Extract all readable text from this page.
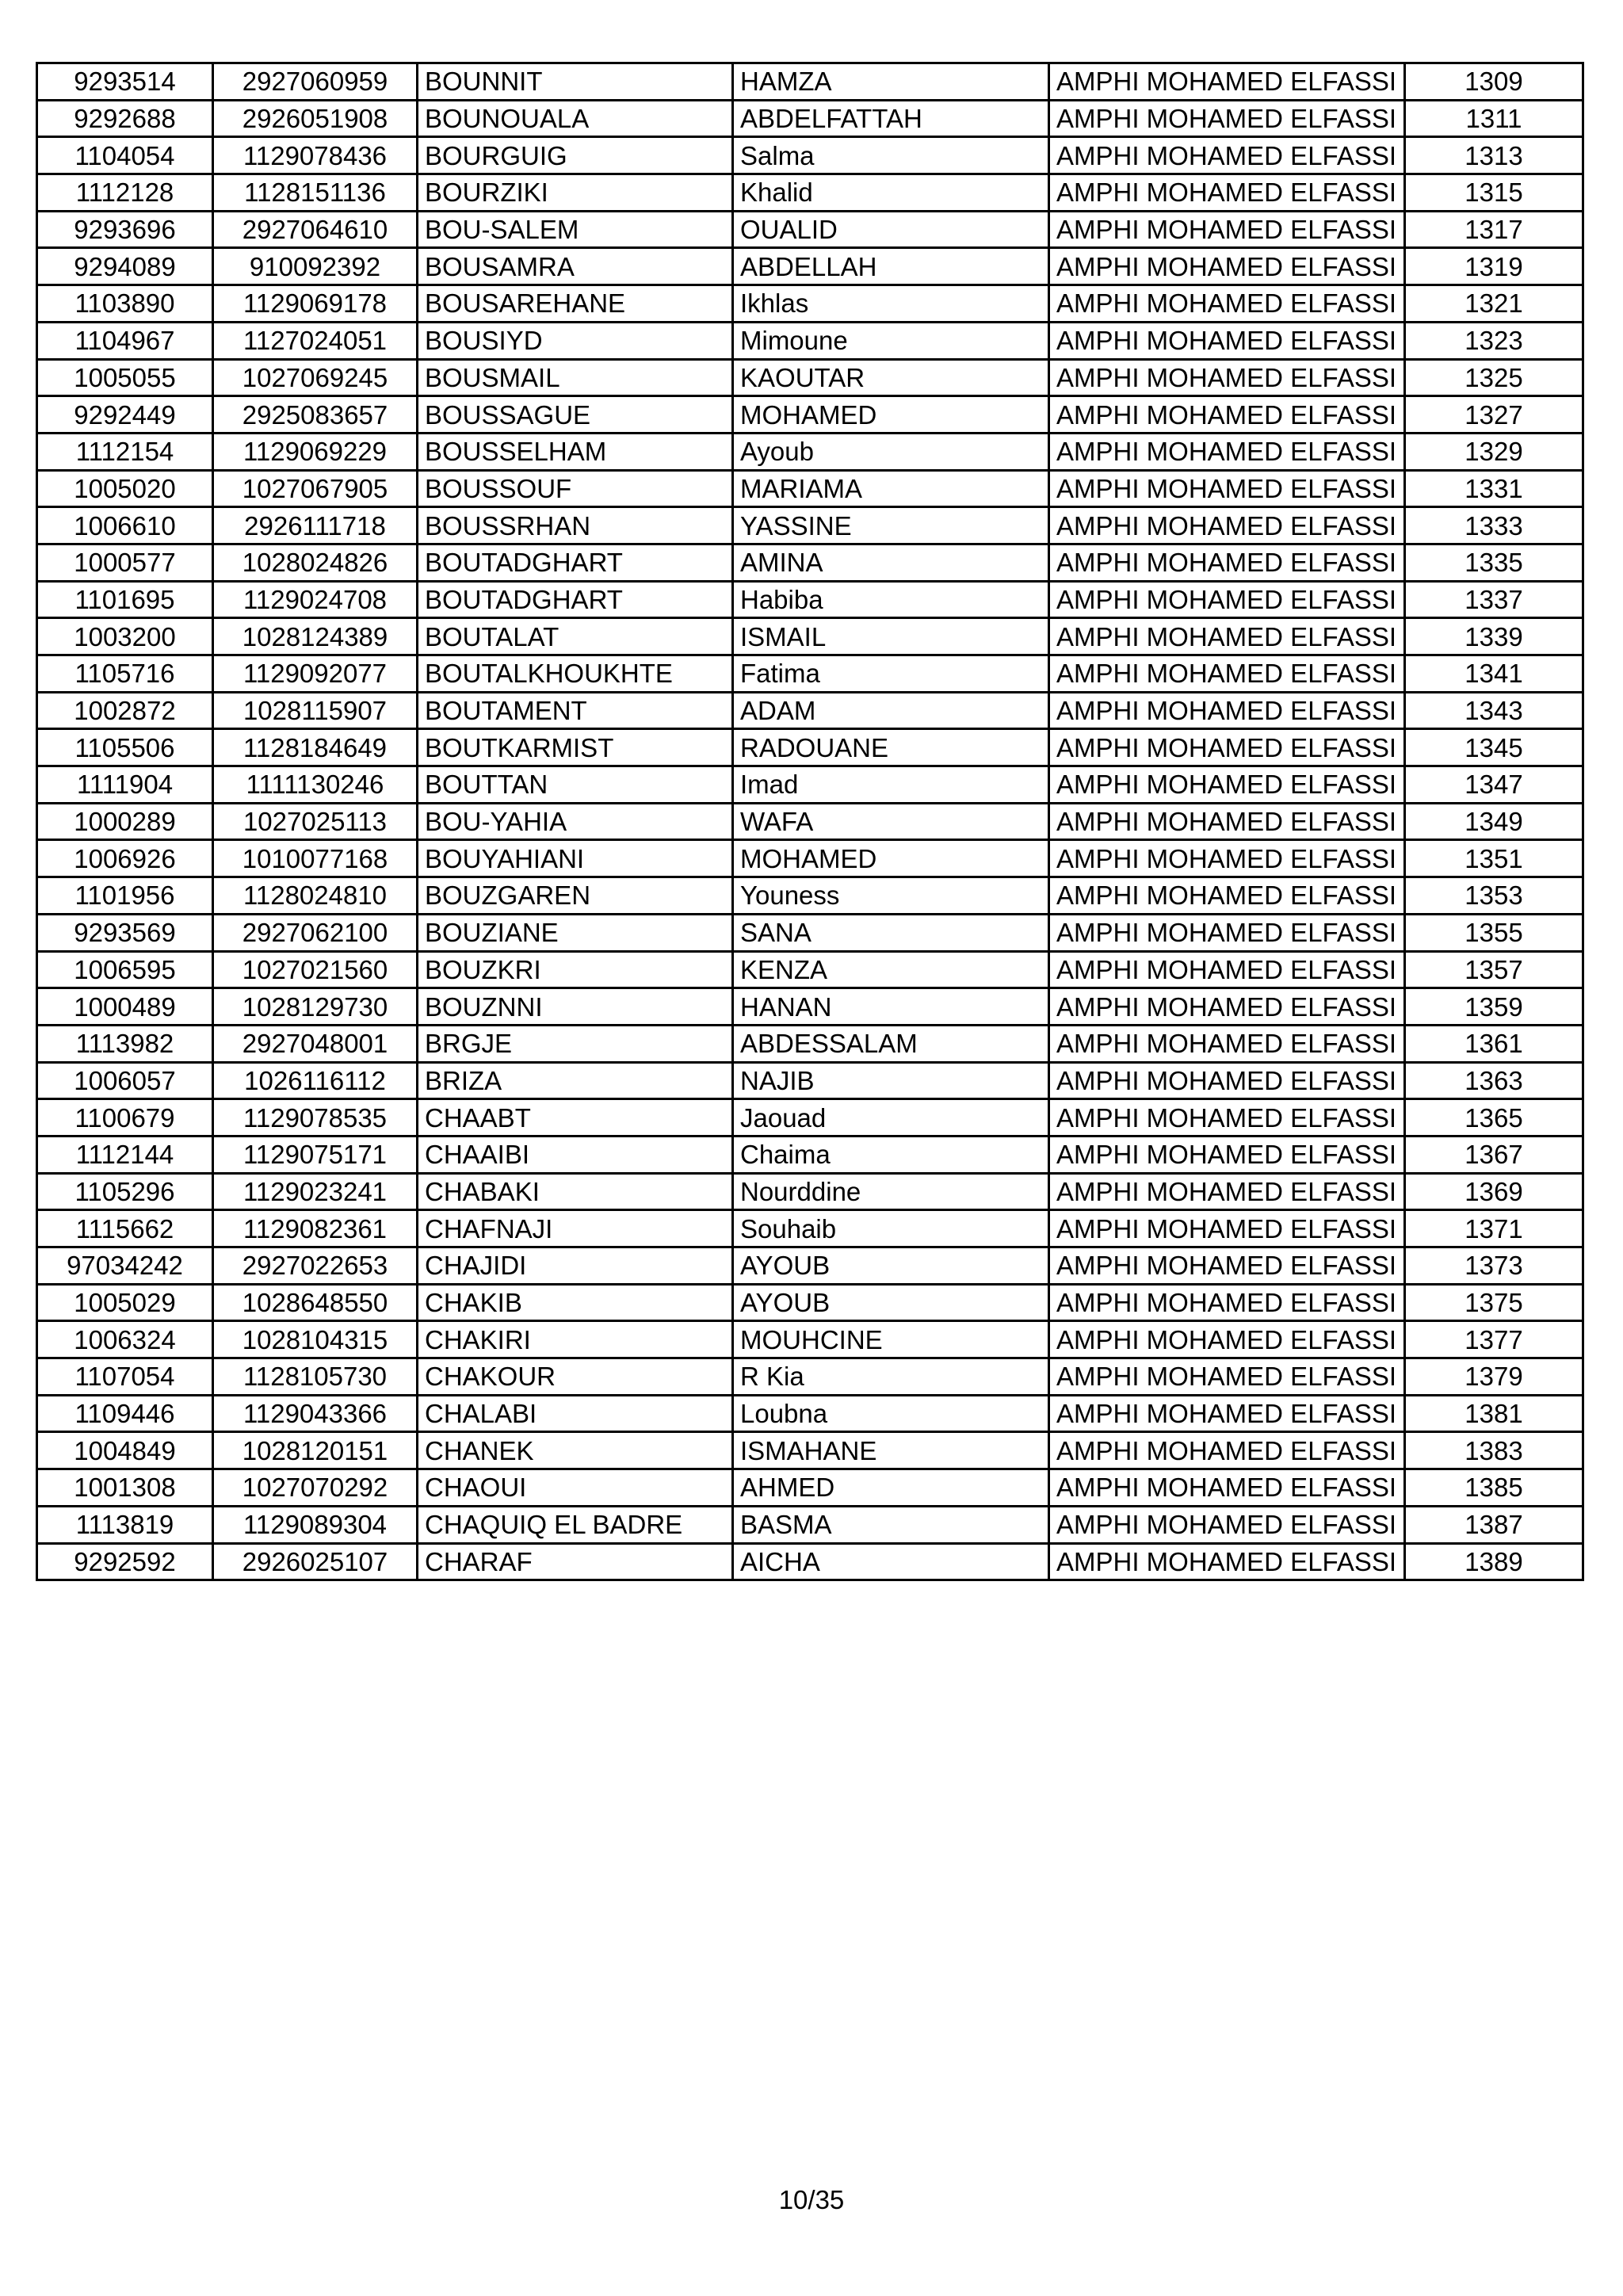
9293514	2927060959	BOUNNIT	HAMZA	AMPHI MOHAMED ELFASSI	1309
9292688	2926051908	BOUNOUALA	ABDELFATTAH	AMPHI MOHAMED ELFASSI	1311
1104054	1129078436	BOURGUIG	Salma	AMPHI MOHAMED ELFASSI	1313
1112128	1128151136	BOURZIKI	Khalid	AMPHI MOHAMED ELFASSI	1315
9293696	2927064610	BOU-SALEM	OUALID	AMPHI MOHAMED ELFASSI	1317
9294089	910092392	BOUSAMRA	ABDELLAH	AMPHI MOHAMED ELFASSI	1319
1103890	1129069178	BOUSAREHANE	Ikhlas	AMPHI MOHAMED ELFASSI	1321
1104967	1127024051	BOUSIYD	Mimoune	AMPHI MOHAMED ELFASSI	1323
1005055	1027069245	BOUSMAIL	KAOUTAR	AMPHI MOHAMED ELFASSI	1325
9292449	2925083657	BOUSSAGUE	MOHAMED	AMPHI MOHAMED ELFASSI	1327
1112154	1129069229	BOUSSELHAM	Ayoub	AMPHI MOHAMED ELFASSI	1329
1005020	1027067905	BOUSSOUF	MARIAMA	AMPHI MOHAMED ELFASSI	1331
1006610	2926111718	BOUSSRHAN	YASSINE	AMPHI MOHAMED ELFASSI	1333
1000577	1028024826	BOUTADGHART	AMINA	AMPHI MOHAMED ELFASSI	1335
1101695	1129024708	BOUTADGHART	Habiba	AMPHI MOHAMED ELFASSI	1337
1003200	1028124389	BOUTALAT	ISMAIL	AMPHI MOHAMED ELFASSI	1339
1105716	1129092077	BOUTALKHOUKHTE	Fatima	AMPHI MOHAMED ELFASSI	1341
1002872	1028115907	BOUTAMENT	ADAM	AMPHI MOHAMED ELFASSI	1343
1105506	1128184649	BOUTKARMIST	RADOUANE	AMPHI MOHAMED ELFASSI	1345
1111904	1111130246	BOUTTAN	Imad	AMPHI MOHAMED ELFASSI	1347
1000289	1027025113	BOU-YAHIA	WAFA	AMPHI MOHAMED ELFASSI	1349
1006926	1010077168	BOUYAHIANI	MOHAMED	AMPHI MOHAMED ELFASSI	1351
1101956	1128024810	BOUZGAREN	Youness	AMPHI MOHAMED ELFASSI	1353
9293569	2927062100	BOUZIANE	SANA	AMPHI MOHAMED ELFASSI	1355
1006595	1027021560	BOUZKRI	KENZA	AMPHI MOHAMED ELFASSI	1357
1000489	1028129730	BOUZNNI	HANAN	AMPHI MOHAMED ELFASSI	1359
1113982	2927048001	BRGJE	ABDESSALAM	AMPHI MOHAMED ELFASSI	1361
1006057	1026116112	BRIZA	NAJIB	AMPHI MOHAMED ELFASSI	1363
1100679	1129078535	CHAABT	Jaouad	AMPHI MOHAMED ELFASSI	1365
1112144	1129075171	CHAAIBI	Chaima	AMPHI MOHAMED ELFASSI	1367
1105296	1129023241	CHABAKI	Nourddine	AMPHI MOHAMED ELFASSI	1369
1115662	1129082361	CHAFNAJI	Souhaib	AMPHI MOHAMED ELFASSI	1371
97034242	2927022653	CHAJIDI	AYOUB	AMPHI MOHAMED ELFASSI	1373
1005029	1028648550	CHAKIB	AYOUB	AMPHI MOHAMED ELFASSI	1375
1006324	1028104315	CHAKIRI	MOUHCINE	AMPHI MOHAMED ELFASSI	1377
1107054	1128105730	CHAKOUR	R Kia	AMPHI MOHAMED ELFASSI	1379
1109446	1129043366	CHALABI	Loubna	AMPHI MOHAMED ELFASSI	1381
1004849	1028120151	CHANEK	ISMAHANE	AMPHI MOHAMED ELFASSI	1383
1001308	1027070292	CHAOUI	AHMED	AMPHI MOHAMED ELFASSI	1385
1113819	1129089304	CHAQUIQ EL BADRE	BASMA	AMPHI MOHAMED ELFASSI	1387
9292592	2926025107	CHARAF	AICHA	AMPHI MOHAMED ELFASSI	1389
10/35
